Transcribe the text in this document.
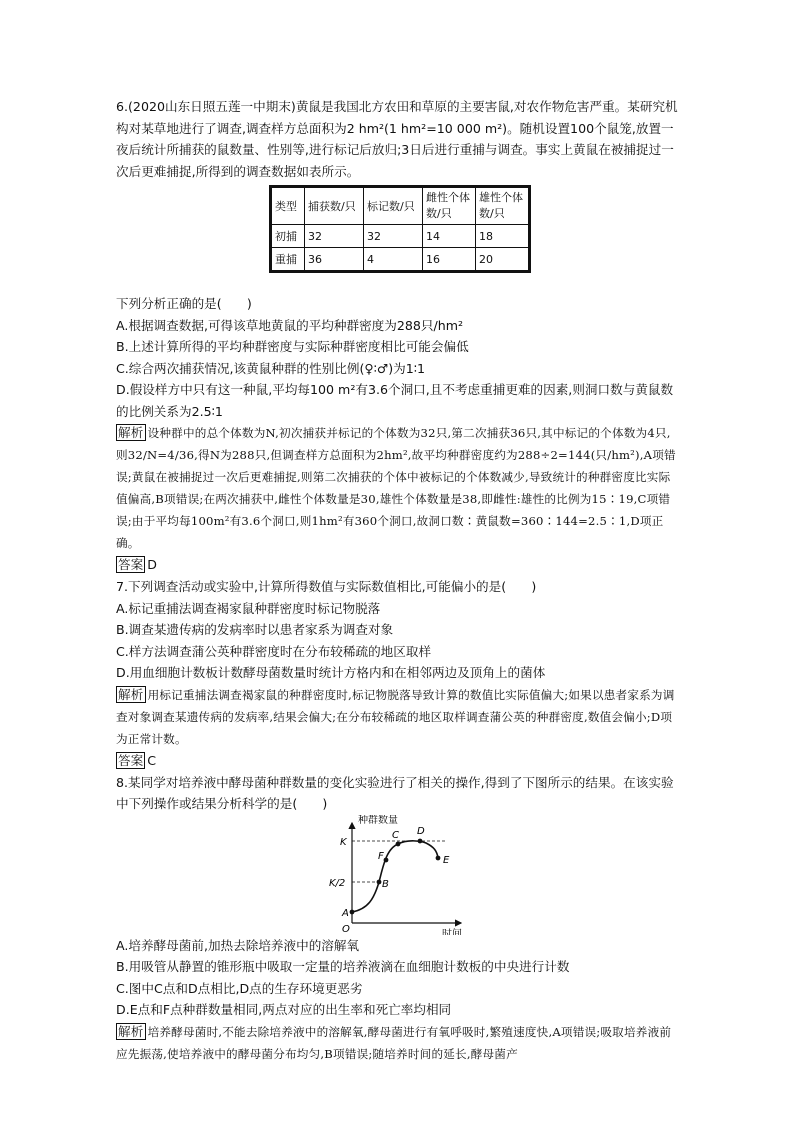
6.(2020山东日照五莲一中期末)黄鼠是我国北方农田和草原的主要害鼠,对农作物危害严重。某研究机构对某草地进行了调查,调查样方总面积为2 hm²(1 hm²=10 000 m²)。随机设置100个鼠笼,放置一夜后统计所捕获的鼠数量、性别等,进行标记后放归;3日后进行重捕与调查。事实上黄鼠在被捕捉过一次后更难捕捉,所得到的调查数据如表所示。

类型	捕获数/只	标记数/只	雌性个体数/只	雄性个体数/只
初捕	32	32	14	18
重捕	36	4	16	20

下列分析正确的是(　　)

A.根据调查数据,可得该草地黄鼠的平均种群密度为288只/hm²

B.上述计算所得的平均种群密度与实际种群密度相比可能会偏低

C.综合两次捕获情况,该黄鼠种群的性别比例(♀∶♂)为1∶1

D.假设样方中只有这一种鼠,平均每100 m²有3.6个洞口,且不考虑重捕更难的因素,则洞口数与黄鼠数的比例关系为2.5∶1

解析 设种群中的总个体数为N,初次捕获并标记的个体数为32只,第二次捕获36只,其中标记的个体数为4只,则32/N=4/36,得N为288只,但调查样方总面积为2hm²,故平均种群密度约为288÷2=144(只/hm²),A项错误;黄鼠在被捕捉过一次后更难捕捉,则第二次捕获的个体中被标记的个体数减少,导致统计的种群密度比实际值偏高,B项错误;在两次捕获中,雌性个体数量是30,雄性个体数量是38,即雌性:雄性的比例为15∶19,C项错误;由于平均每100m²有3.6个洞口,则1hm²有360个洞口,故洞口数∶黄鼠数=360∶144=2.5∶1,D项正确。

答案 D

7.下列调查活动或实验中,计算所得数值与实际数值相比,可能偏小的是(　　)

A.标记重捕法调查褐家鼠种群密度时标记物脱落

B.调查某遗传病的发病率时以患者家系为调查对象

C.样方法调查蒲公英种群密度时在分布较稀疏的地区取样

D.用血细胞计数板计数酵母菌数量时统计方格内和在相邻两边及顶角上的菌体

解析 用标记重捕法调查褐家鼠的种群密度时,标记物脱落导致计算的数值比实际值偏大;如果以患者家系为调查对象调查某遗传病的发病率,结果会偏大;在分布较稀疏的地区取样调查蒲公英的种群密度,数值会偏小;D项为正常计数。

答案 C

8.某同学对培养液中酵母菌种群数量的变化实验进行了相关的操作,得到了下图所示的结果。在该实验中下列操作或结果分析科学的是(　　)

种群数量
时间
O
K
K/2
A
B
F
C D
E

A.培养酵母菌前,加热去除培养液中的溶解氧

B.用吸管从静置的锥形瓶中吸取一定量的培养液滴在血细胞计数板的中央进行计数

C.图中C点和D点相比,D点的生存环境更恶劣

D.E点和F点种群数量相同,两点对应的出生率和死亡率均相同

解析 培养酵母菌时,不能去除培养液中的溶解氧,酵母菌进行有氧呼吸时,繁殖速度快,A项错误;吸取培养液前应先振荡,使培养液中的酵母菌分布均匀,B项错误;随培养时间的延长,酵母菌产
